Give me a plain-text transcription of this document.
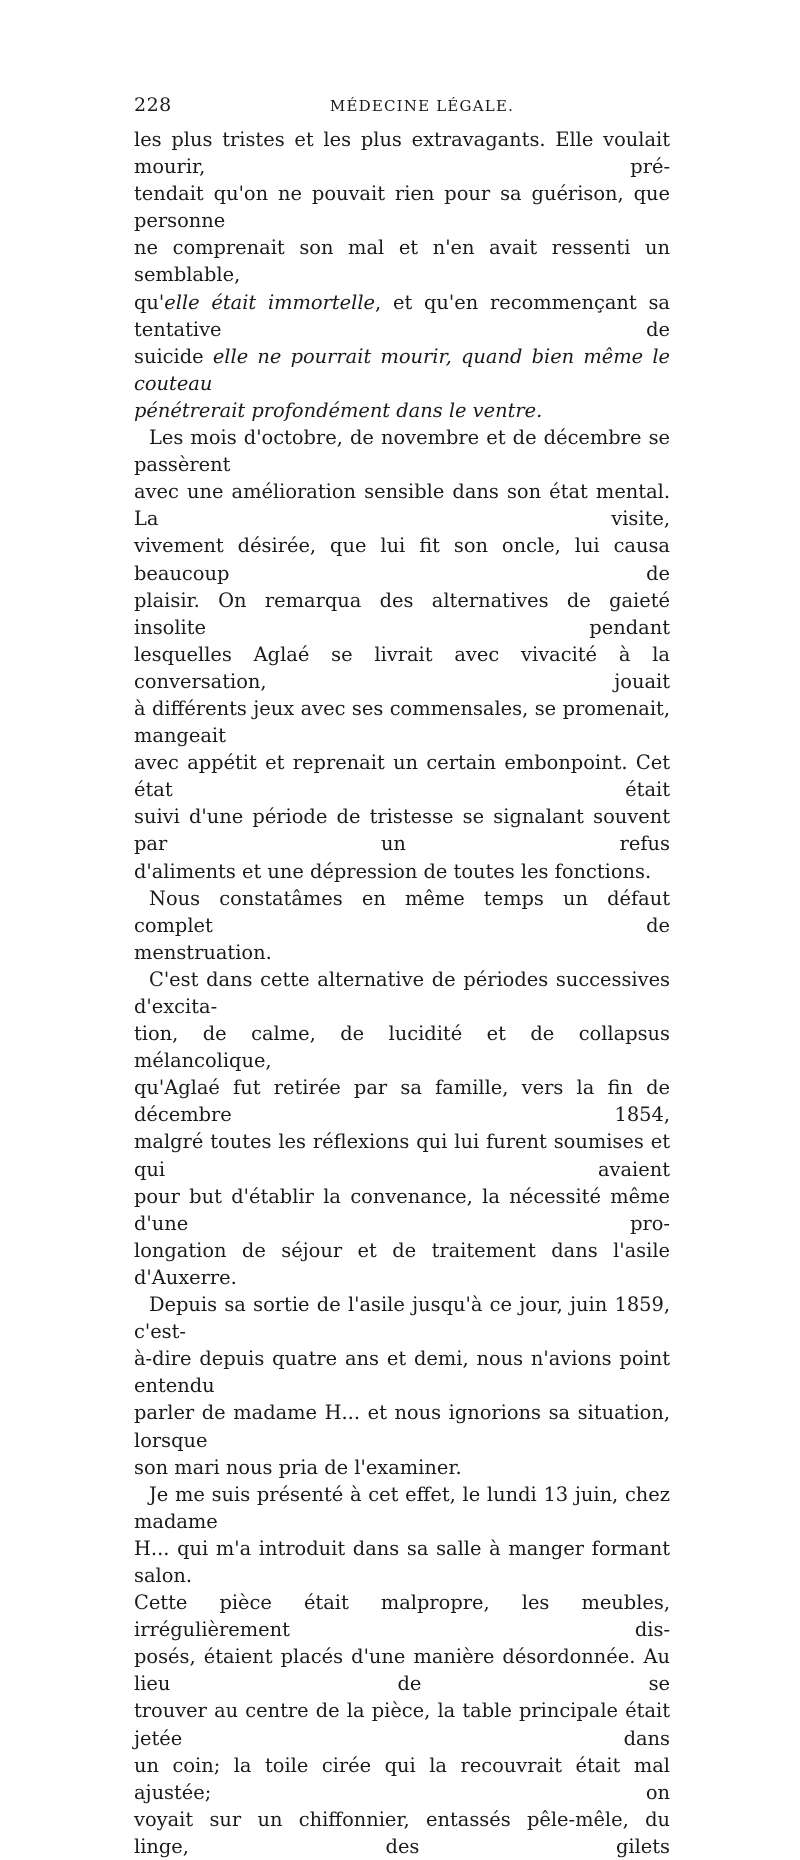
228	MÉDECINE LÉGALE.
les plus tristes et les plus extravagants. Elle voulait mourir, pré-
tendait qu'on ne pouvait rien pour sa guérison, que personne
ne comprenait son mal et n'en avait ressenti un semblable,
qu'elle était immortelle, et qu'en recommençant sa tentative de
suicide elle ne pourrait mourir, quand bien même le couteau
pénétrerait profondément dans le ventre.
Les mois d'octobre, de novembre et de décembre se passèrent
avec une amélioration sensible dans son état mental. La visite,
vivement désirée, que lui fit son oncle, lui causa beaucoup de
plaisir. On remarqua des alternatives de gaieté insolite pendant
lesquelles Aglaé se livrait avec vivacité à la conversation, jouait
à différents jeux avec ses commensales, se promenait, mangeait
avec appétit et reprenait un certain embonpoint. Cet état était
suivi d'une période de tristesse se signalant souvent par un refus
d'aliments et une dépression de toutes les fonctions.
Nous constatâmes en même temps un défaut complet de
menstruation.
C'est dans cette alternative de périodes successives d'excita-
tion, de calme, de lucidité et de collapsus mélancolique,
qu'Aglaé fut retirée par sa famille, vers la fin de décembre 1854,
malgré toutes les réflexions qui lui furent soumises et qui avaient
pour but d'établir la convenance, la nécessité même d'une pro-
longation de séjour et de traitement dans l'asile d'Auxerre.
Depuis sa sortie de l'asile jusqu'à ce jour, juin 1859, c'est-
à-dire depuis quatre ans et demi, nous n'avions point entendu
parler de madame H... et nous ignorions sa situation, lorsque
son mari nous pria de l'examiner.
Je me suis présenté à cet effet, le lundi 13 juin, chez madame
H... qui m'a introduit dans sa salle à manger formant salon.
Cette pièce était malpropre, les meubles, irrégulièrement dis-
posés, étaient placés d'une manière désordonnée. Au lieu de se
trouver au centre de la pièce, la table principale était jetée dans
un coin; la toile cirée qui la recouvrait était mal ajustée; on
voyait sur un chiffonnier, entassés pêle-mêle, du linge, des gilets
